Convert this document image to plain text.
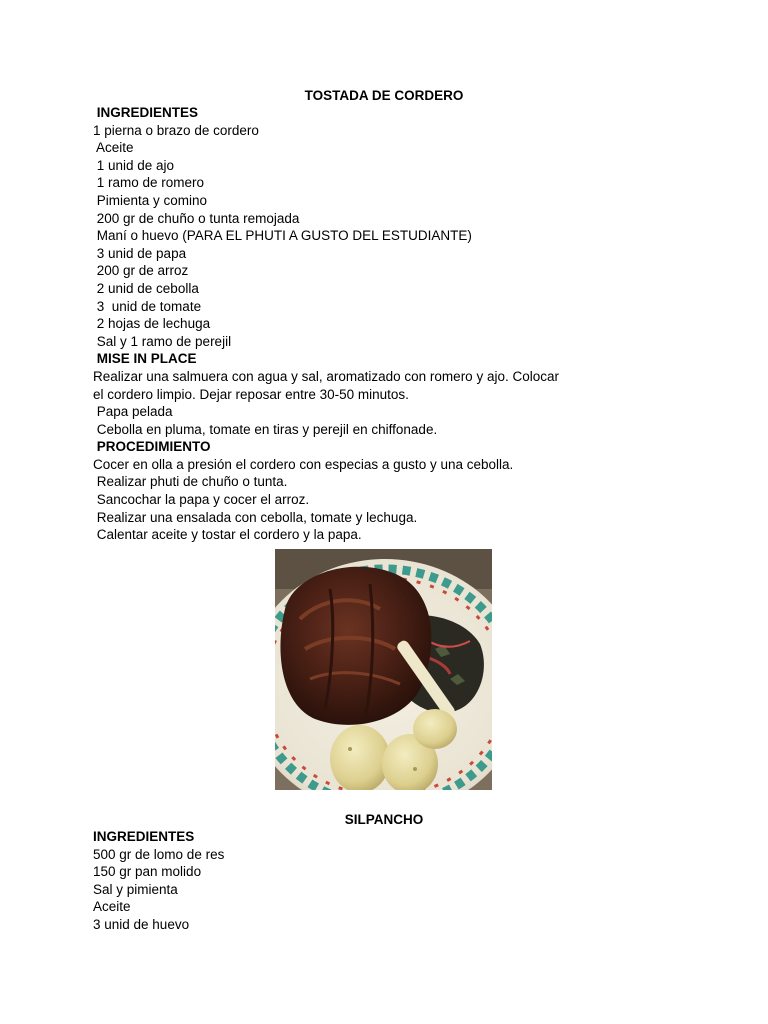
TOSTADA DE CORDERO
INGREDIENTES
1 pierna o brazo de cordero
Aceite
1 unid de ajo
1 ramo de romero
Pimienta y comino
200 gr de chuño o tunta remojada
Maní o huevo (PARA EL PHUTI A GUSTO DEL ESTUDIANTE)
3 unid de papa
200 gr de arroz
2 unid de cebolla
3  unid de tomate
2 hojas de lechuga
Sal y 1 ramo de perejil
MISE IN PLACE
Realizar una salmuera con agua y sal, aromatizado con romero y ajo. Colocar
el cordero limpio. Dejar reposar entre 30-50 minutos.
Papa pelada
Cebolla en pluma, tomate en tiras y perejil en chiffonade.
PROCEDIMIENTO
Cocer en olla a presión el cordero con especias a gusto y una cebolla.
Realizar phuti de chuño o tunta.
Sancochar la papa y cocer el arroz.
Realizar una ensalada con cebolla, tomate y lechuga.
Calentar aceite y tostar el cordero y la papa.
SILPANCHO
INGREDIENTES
500 gr de lomo de res
150 gr pan molido
Sal y pimienta
Aceite
3 unid de huevo
